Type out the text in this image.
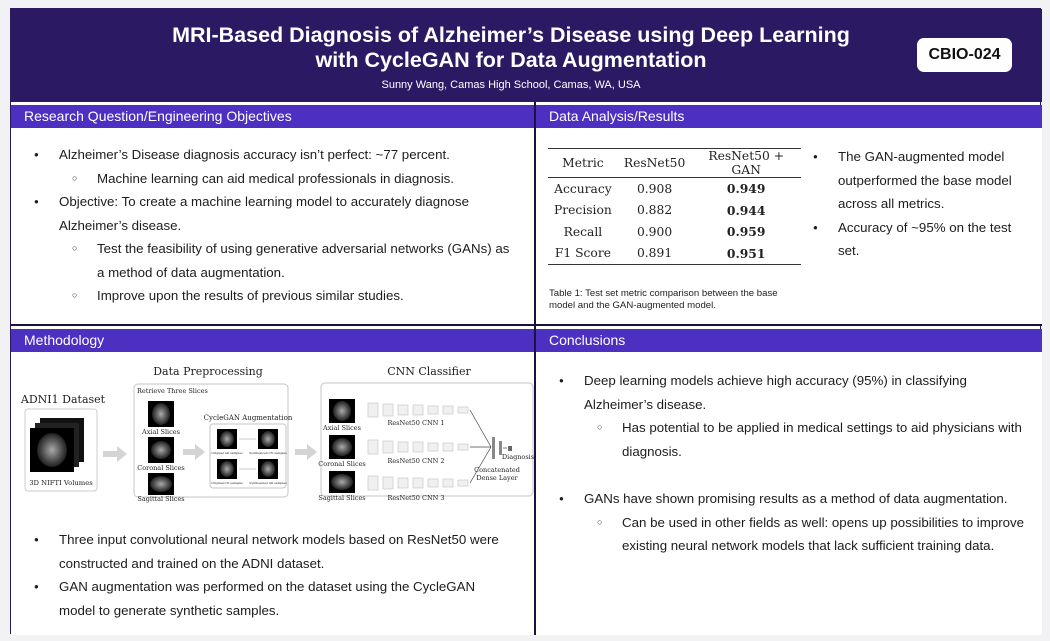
MRI-Based Diagnosis of Alzheimer’s Disease using Deep Learning
with CycleGAN for Data Augmentation
Sunny Wang, Camas High School, Camas, WA, USA
CBIO-024
Research Question/Engineering Objectives
● Alzheimer’s Disease diagnosis accuracy isn’t perfect: ~77 percent.
○ Machine learning can aid medical professionals in diagnosis.
● Objective: To create a machine learning model to accurately diagnose Alzheimer’s disease.
○ Test the feasibility of using generative adversarial networks (GANs) as a method of data augmentation.
○ Improve upon the results of previous similar studies.
Data Analysis/Results
Metric	ResNet50	ResNet50 + GAN
Accuracy	0.908	0.949
Precision	0.882	0.944
Recall	0.900	0.959
F1 Score	0.891	0.951
Table 1: Test set metric comparison between the base model and the GAN-augmented model.
● The GAN-augmented model outperformed the base model across all metrics.
● Accuracy of ~95% on the test set.
Methodology
Data Preprocessing	CNN Classifier
ADNI1 Dataset
3D NIFTI Volumes
Retrieve Three Slices
Axial Slices
Coronal Slices
Sagittal Slices
CycleGAN Augmentation
Original AD samples Synthesized CN samples
Original CN samples Synthesized AD samples
Axial Slices
Coronal Slices
Sagittal Slices
ResNet50 CNN 1
ResNet50 CNN 2
ResNet50 CNN 3
Diagnosis
Concatenated
Dense Layer
● Three input convolutional neural network models based on ResNet50 were constructed and trained on the ADNI dataset.
● GAN augmentation was performed on the dataset using the CycleGAN model to generate synthetic samples.
Conclusions
● Deep learning models achieve high accuracy (95%) in classifying Alzheimer’s disease.
○ Has potential to be applied in medical settings to aid physicians with diagnosis.
● GANs have shown promising results as a method of data augmentation.
○ Can be used in other fields as well: opens up possibilities to improve existing neural network models that lack sufficient training data.
